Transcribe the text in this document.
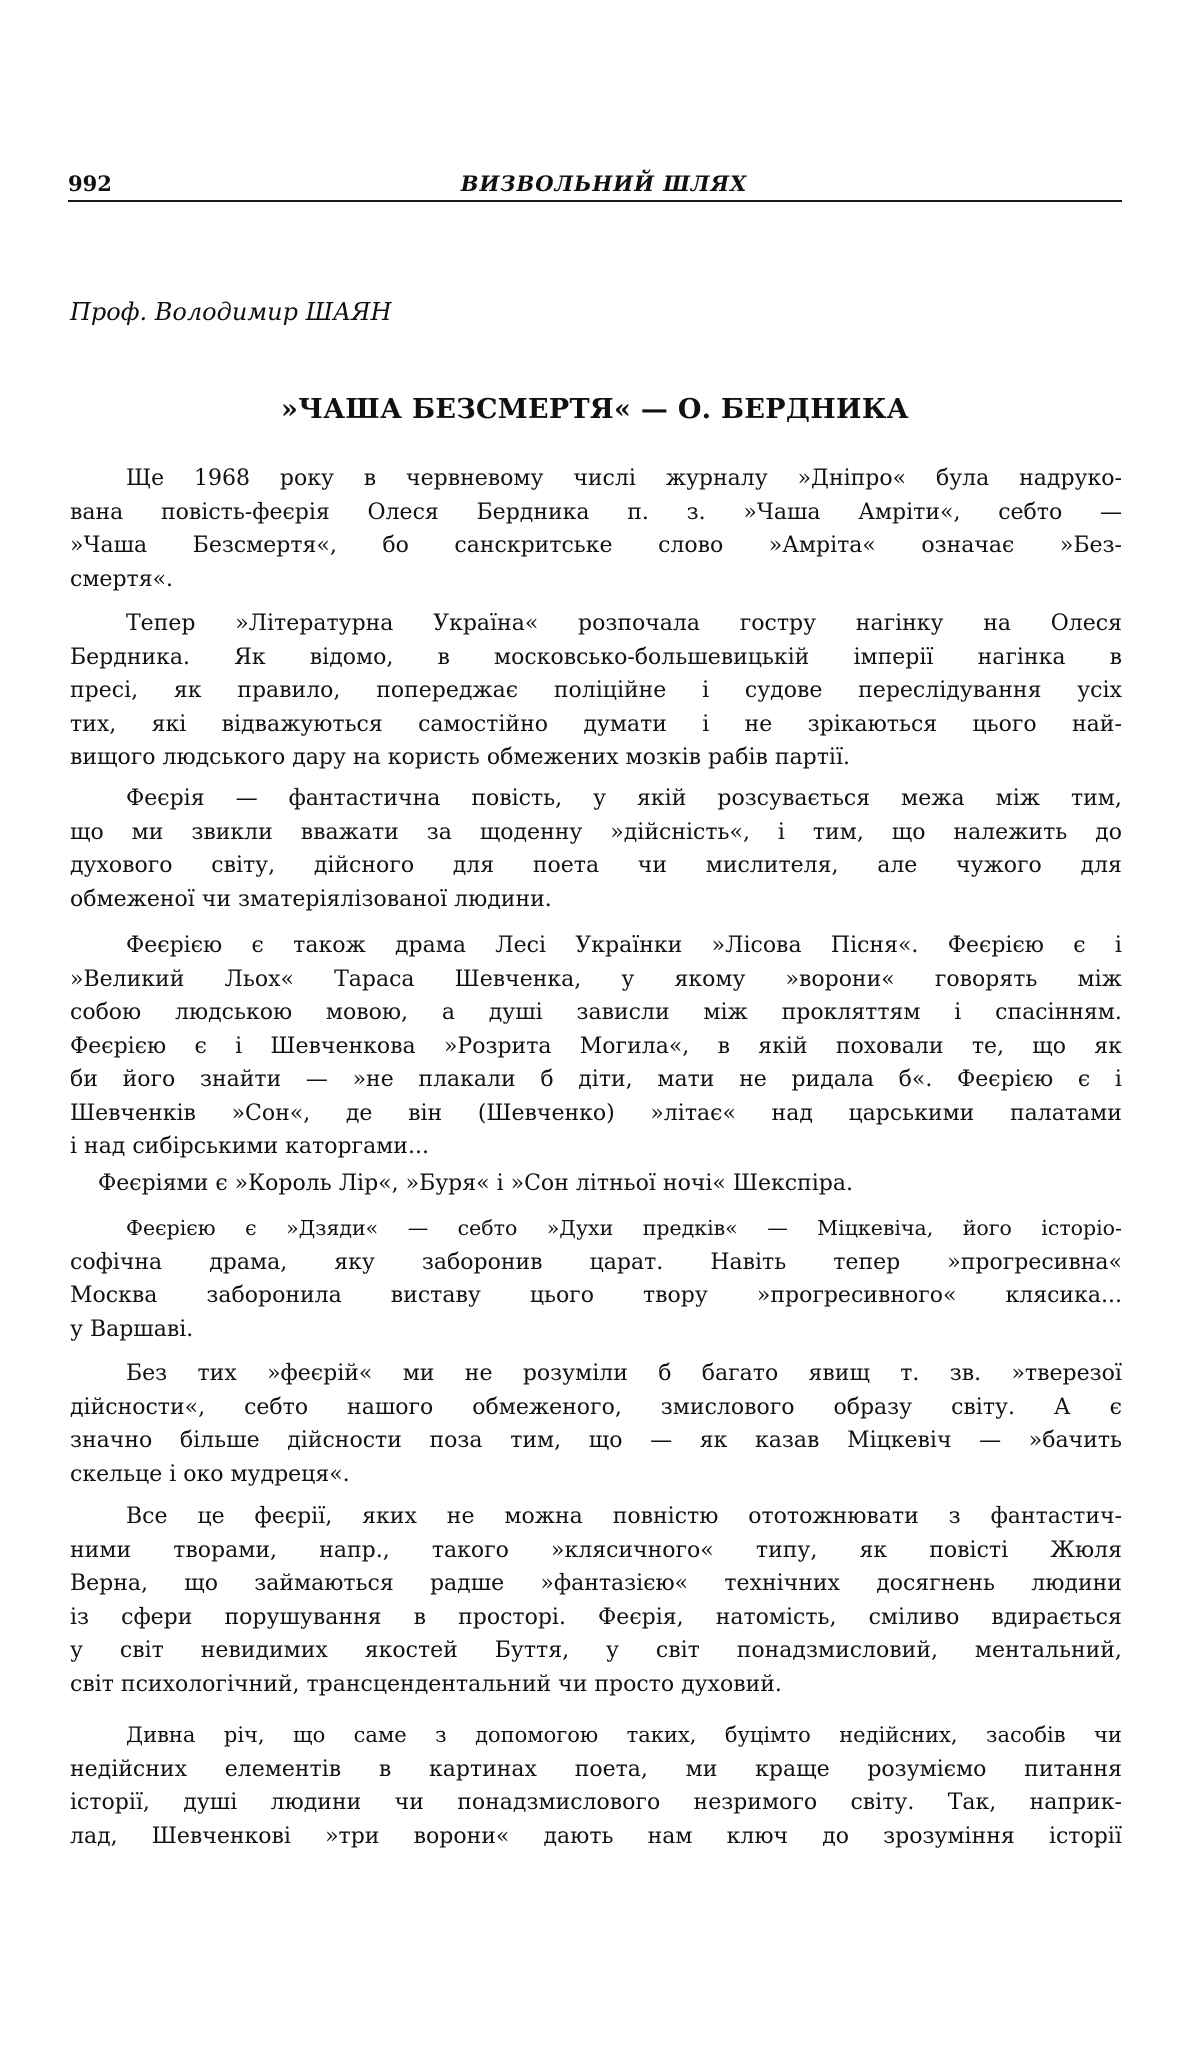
992	ВИЗВОЛЬНИЙ ШЛЯХ
Проф. Володимир ШАЯН
»ЧАША БЕЗСМЕРТЯ« — О. БЕРДНИКА
Ще	1968	року	в	червневому	числі	журналу	»Дніпро«	була	надруко-
вана повість-феєрія Олеся Бердника п. з. »Чаша Амріти«, себто —
»Чаша Безсмертя«, бо санскритське слово »Амріта« означає »Без-
смертя«.
Тепер	»Літературна	Україна«	розпочала	гостру	нагінку	на	Олеся
Бердника. Як відомо, в московсько-большевицькій імперії нагінка в
пресі, як правило, попереджає поліційне і судове переслідування усіх
тих, які відважуються самостійно думати і не зрікаються цього най-
вищого людського дару на користь обмежених мозків рабів партії.
Феєрія	—	фантастична	повість,	у	якій	розсувається	межа	між	тим,
що ми звикли вважати за щоденну »дійсність«, і тим, що належить до
духового світу, дійсного для поета чи мислителя, але чужого для
обмеженої чи зматеріялізованої людини.
Феєрією	є	також	драма	Лесі	Українки	»Лісова	Пісня«.	Феєрією	є	і
»Великий Льох« Тараса Шевченка, у якому »ворони« говорять між
собою людською мовою, а душі зависли між прокляттям і спасінням.
Феєрією є і Шевченкова »Розрита Могила«, в якій поховали те, що як
би його знайти — »не плакали б діти, мати не ридала б«. Феєрією є і
Шевченків »Сон«, де він (Шевченко) »літає« над царськими палатами
і над сибірськими каторгами...
Феєріями є »Король Лір«, »Буря« і »Сон літньої ночі« Шекспіра.
Феєрією	є	»Дзяди«	—	себто	»Духи	предків«	—	Міцкевіча,	його	історіо-
софічна драма, яку заборонив царат. Навіть тепер »прогресивна«
Москва заборонила виставу цього твору »прогресивного« клясика...
у Варшаві.
Без	тих	»феєрій«	ми	не	розуміли	б	багато	явищ	т.	зв.	»тверезої
дійсности«, себто нашого обмеженого, змислового образу світу. А є
значно більше дійсности поза тим, що — як казав Міцкевіч — »бачить
скельце і око мудреця«.
Все	це	феєрії,	яких	не	можна	повністю	ототожнювати	з	фантастич-
ними творами, напр., такого »клясичного« типу, як повісті Жюля
Верна, що займаються радше »фантазією« технічних досягнень людини
із сфери порушування в просторі. Феєрія, натомість, сміливо вдирається
у світ невидимих якостей Буття, у світ понадзмисловий, ментальний,
світ психологічний, трансцендентальний чи просто духовий.
Дивна	річ,	що	саме	з	допомогою	таких,	буцімто	недійсних,	засобів	чи
недійсних елементів в картинах поета, ми краще розуміємо питання
історії, душі людини чи понадзмислового незримого світу. Так, наприк-
лад, Шевченкові »три ворони« дають нам ключ до зрозуміння історії
